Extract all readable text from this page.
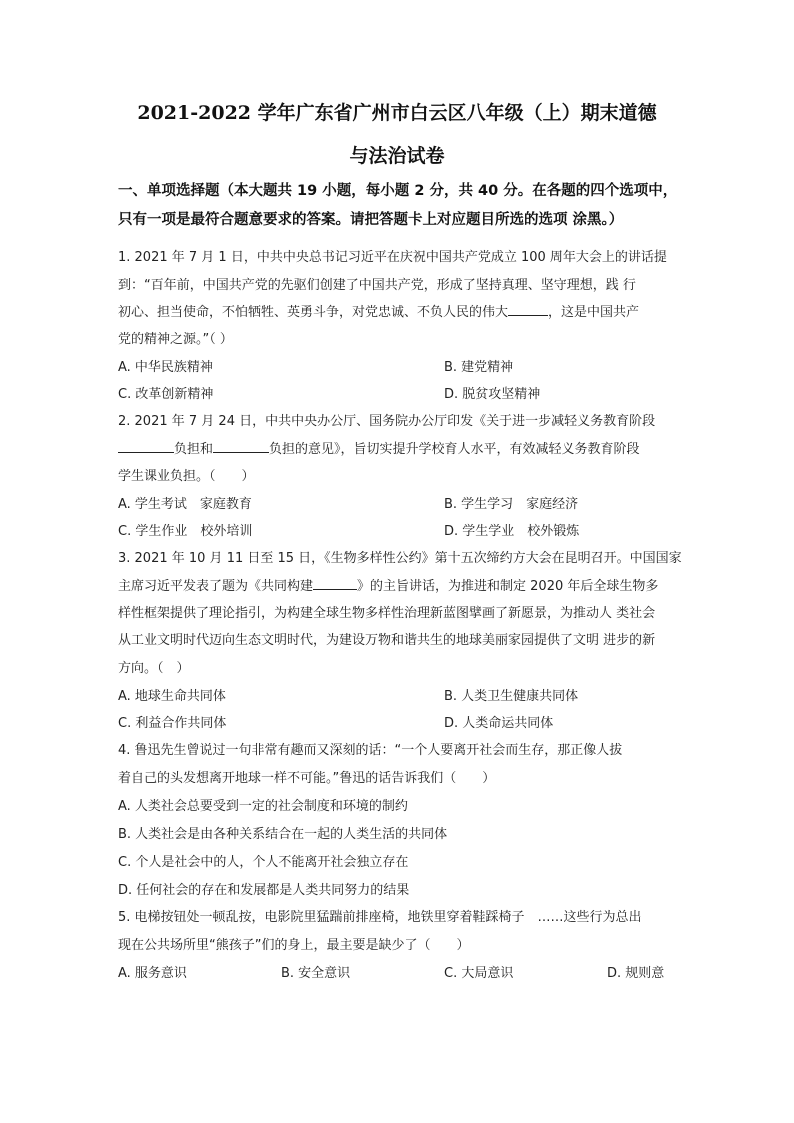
2021-2022 学年广东省广州市白云区八年级（上）期末道德
与法治试卷
一、单项选择题（本大题共 19 小题，每小题 2 分，共 40 分。在各题的四个选项中，只有一项是最符合题意要求的答案。请把答题卡上对应题目所选的选项 涂黑。）
1. 2021 年 7 月 1 日，中共中央总书记习近平在庆祝中国共产党成立 100 周年大会上的讲话提
到：“百年前，中国共产党的先驱们创建了中国共产党，形成了坚持真理、坚守理想，践 行
初心、担当使命，不怕牺牲、英勇斗争，对党忠诚、不负人民的伟大	，这是中国共产
党的精神之源。”（ ）
A. 中华民族精神	B. 建党精神
C. 改革创新精神	D. 脱贫攻坚精神
2. 2021 年 7 月 24 日，中共中央办公厅、国务院办公厅印发《关于进一步减轻义务教育阶段
负担和	负担的意见》，旨切实提升学校育人水平，有效减轻义务教育阶段
学生课业负担。（　　）
A. 学生考试　家庭教育	B. 学生学习　家庭经济
C. 学生作业　校外培训	D. 学生学业　校外锻炼
3. 2021 年 10 月 11 日至 15 日，《生物多样性公约》第十五次缔约方大会在昆明召开。中国国家
主席习近平发表了题为《共同构建	》的主旨讲话，为推进和制定 2020 年后全球生物多
样性框架提供了理论指引，为构建全球生物多样性治理新蓝图擘画了新愿景，为推动人 类社会
从工业文明时代迈向生态文明时代，为建设万物和谐共生的地球美丽家园提供了文明 进步的新
方向。（　）
A. 地球生命共同体	B. 人类卫生健康共同体
C. 利益合作共同体	D. 人类命运共同体
4. 鲁迅先生曾说过一句非常有趣而又深刻的话：“一个人要离开社会而生存，那正像人拔
着自己的头发想离开地球一样不可能。”鲁迅的话告诉我们（　　）
A. 人类社会总要受到一定的社会制度和环境的制约
B. 人类社会是由各种关系结合在一起的人类生活的共同体
C. 个人是社会中的人，个人不能离开社会独立存在
D. 任何社会的存在和发展都是人类共同努力的结果
5. 电梯按钮处一顿乱按，电影院里猛踹前排座椅，地铁里穿着鞋踩椅子　……这些行为总出
现在公共场所里“熊孩子”们的身上，最主要是缺少了（　　）
A. 服务意识	B. 安全意识	C. 大局意识	D. 规则意
